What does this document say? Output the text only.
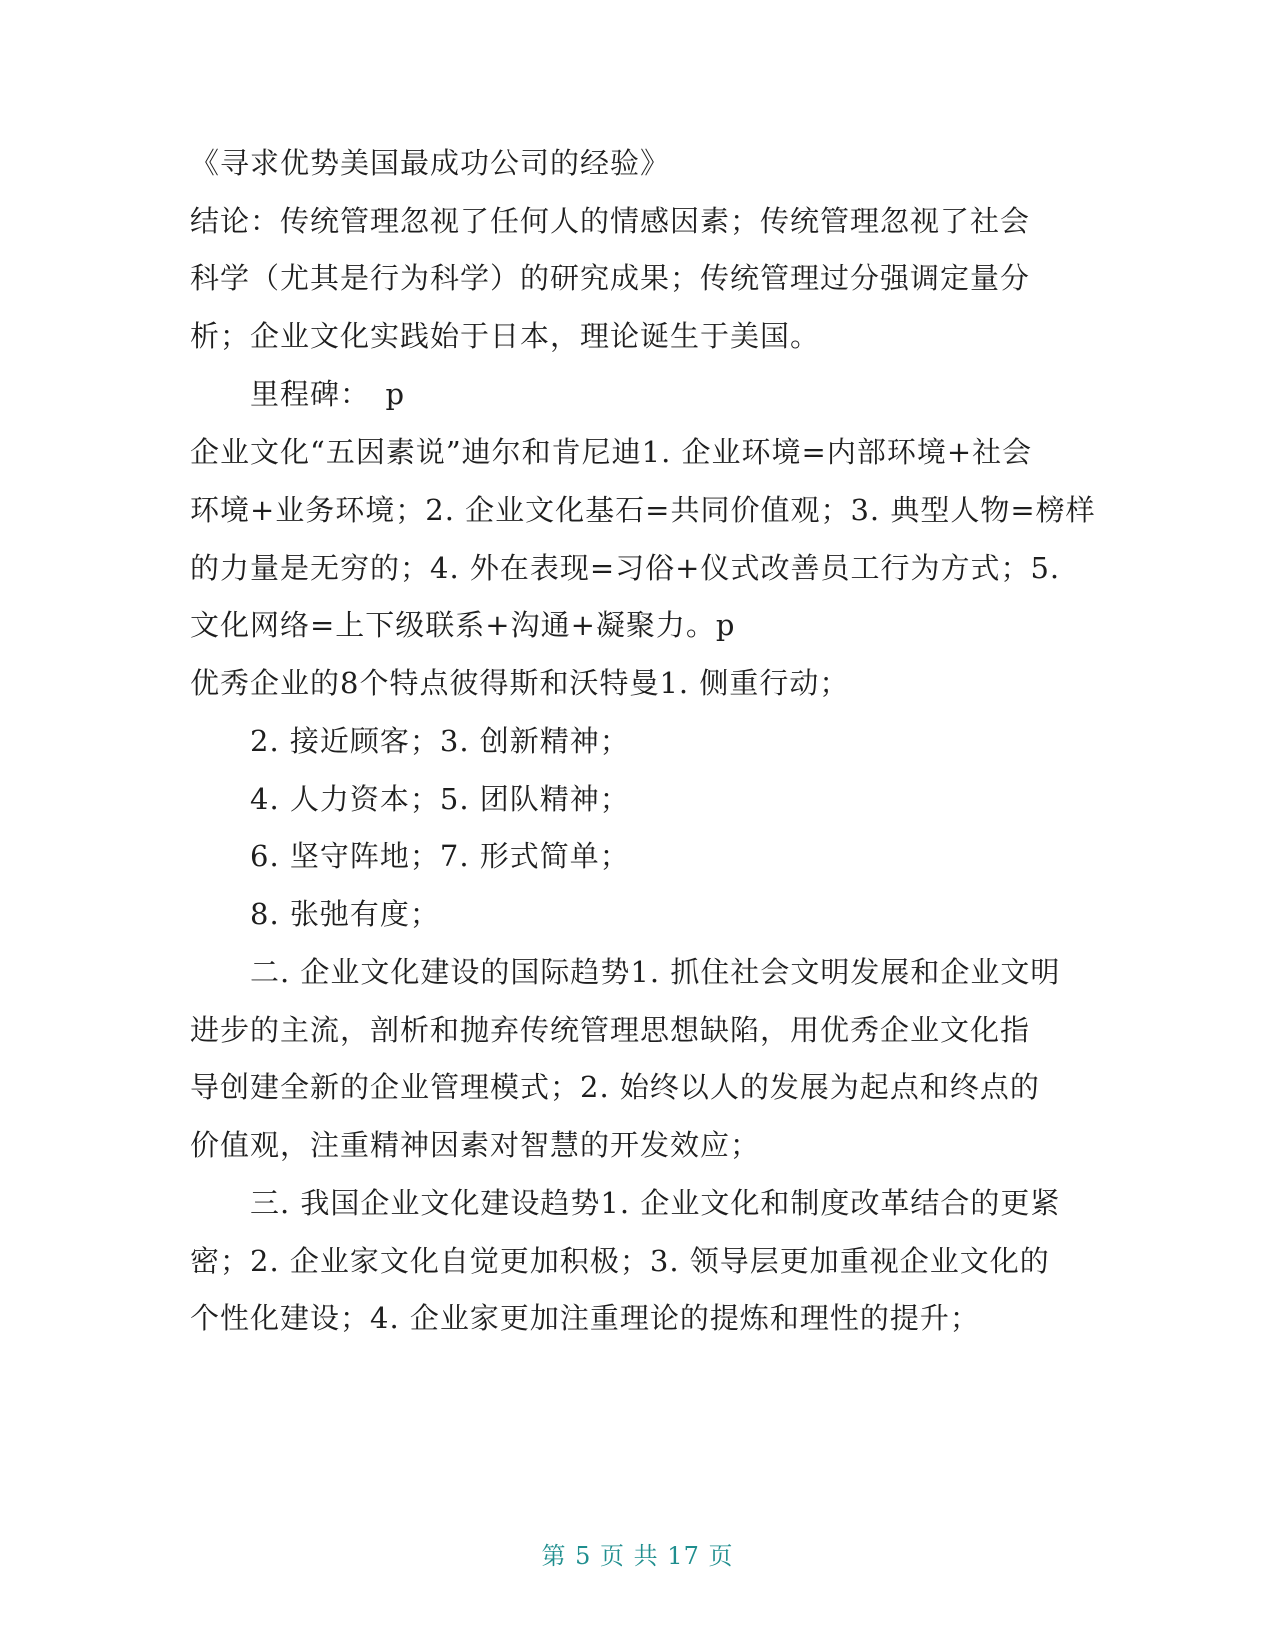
《寻求优势美国最成功公司的经验》
结论：传统管理忽视了任何人的情感因素；传统管理忽视了社会
科学（尤其是行为科学）的研究成果；传统管理过分强调定量分
析；企业文化实践始于日本，理论诞生于美国。
里程碑：　p
企业文化“五因素说”迪尔和肯尼迪1. 企业环境=内部环境+社会
环境+业务环境；2. 企业文化基石=共同价值观；3. 典型人物=榜样
的力量是无穷的；4. 外在表现=习俗+仪式改善员工行为方式；5.
文化网络=上下级联系+沟通+凝聚力。p
优秀企业的8个特点彼得斯和沃特曼1. 侧重行动；
2. 接近顾客；3. 创新精神；
4. 人力资本；5. 团队精神；
6. 坚守阵地；7. 形式简单；
8. 张弛有度；
二. 企业文化建设的国际趋势1. 抓住社会文明发展和企业文明
进步的主流，剖析和抛弃传统管理思想缺陷，用优秀企业文化指
导创建全新的企业管理模式；2. 始终以人的发展为起点和终点的
价值观，注重精神因素对智慧的开发效应；
三. 我国企业文化建设趋势1. 企业文化和制度改革结合的更紧
密；2. 企业家文化自觉更加积极；3. 领导层更加重视企业文化的
个性化建设；4. 企业家更加注重理论的提炼和理性的提升；
第 5 页 共 17 页
